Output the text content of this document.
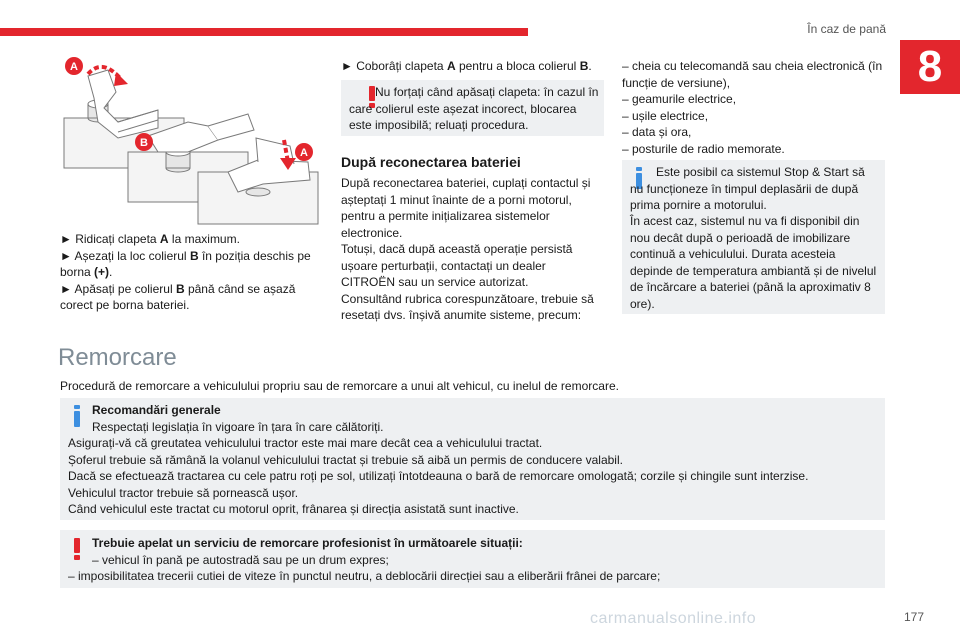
În caz de pană
8
A
B
A

► Ridicați clapeta A la maximum.

► Așezați la loc colierul B în poziția deschis pe borna (+).

► Apăsați pe colierul B până când se așază corect pe borna bateriei.

► Coborâți clapeta A pentru a bloca colierul B.

Nu forțați când apăsați clapeta: în cazul în care colierul este așezat incorect, blocarea este imposibilă; reluați procedura.

După reconectarea bateriei

După reconectarea bateriei, cuplați contactul și așteptați 1 minut înainte de a porni motorul, pentru a permite inițializarea sistemelor electronice.

Totuși, dacă după această operație persistă ușoare perturbații, contactați un dealer CITROËN sau un service autorizat.

Consultând rubrica corespunzătoare, trebuie să resetați dvs. înșivă anumite sisteme, precum:

– cheia cu telecomandă sau cheia electronică (în funcție de versiune),

– geamurile electrice,

– ușile electrice,

– data și ora,

– posturile de radio memorate.

Este posibil ca sistemul Stop & Start să nu funcționeze în timpul deplasării de după prima pornire a motorului.

În acest caz, sistemul nu va fi disponibil din nou decât după o perioadă de imobilizare continuă a vehiculului. Durata acesteia depinde de temperatura ambiantă și de nivelul de încărcare a bateriei (până la aproximativ 8 ore).

Remorcare

Procedură de remorcare a vehiculului propriu sau de remorcare a unui alt vehicul, cu inelul de remorcare.

Recomandări generale

Respectați legislația în vigoare în țara în care călătoriți.

Asigurați-vă că greutatea vehiculului tractor este mai mare decât cea a vehiculului tractat.

Șoferul trebuie să rămână la volanul vehiculului tractat și trebuie să aibă un permis de conducere valabil.

Dacă se efectuează tractarea cu cele patru roți pe sol, utilizați întotdeauna o bară de remorcare omologată; corzile și chingile sunt interzise.

Vehiculul tractor trebuie să pornească ușor.

Când vehiculul este tractat cu motorul oprit, frânarea și direcția asistată sunt inactive.

Trebuie apelat un serviciu de remorcare profesionist în următoarele situații:

– vehicul în pană pe autostradă sau pe un drum expres;

– imposibilitatea trecerii cutiei de viteze în punctul neutru, a deblocării direcției sau a eliberării frânei de parcare;

carmanualsonline.info	177
